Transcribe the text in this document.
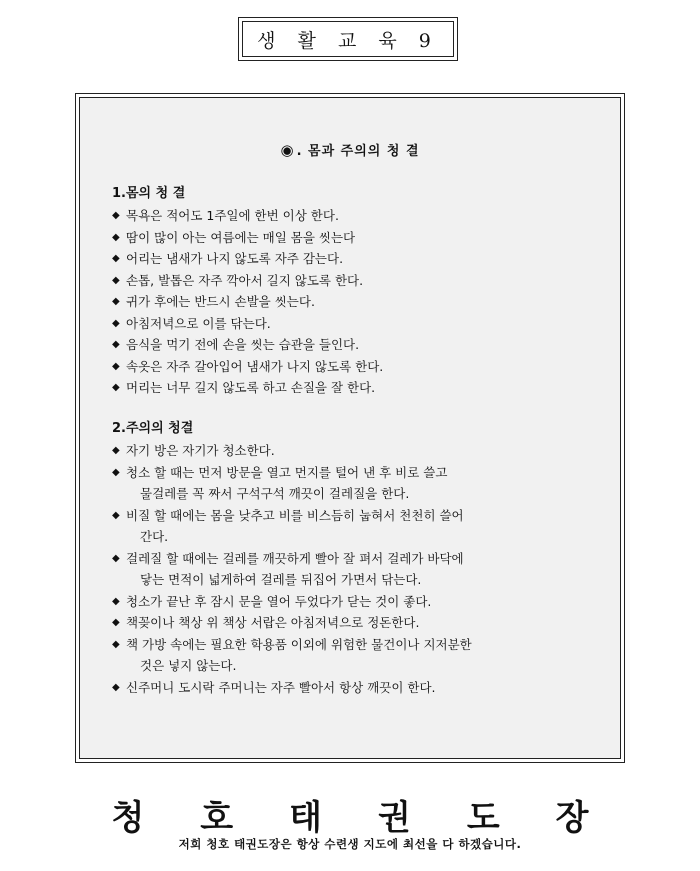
생 활 교 육 9
◉ . 몸과 주의의 청 결
1.몸의 청 결
◆ 목욕은 적어도 1주일에 한번 이상 한다.
◆ 땀이 많이 아는 여름에는 매일 몸을 씻는다
◆ 어리는 냄새가 나지 않도록 자주 감는다.
◆ 손톱, 발톱은 자주 깍아서 길지 않도록 한다.
◆ 귀가 후에는 반드시 손발을 씻는다.
◆ 아침저녁으로 이를 닦는다.
◆ 음식을 먹기 전에 손을 씻는 습관을 들인다.
◆ 속옷은 자주 갈아입어 냄새가 나지 않도록 한다.
◆ 머리는 너무 길지 않도록 하고 손질을 잘 한다.
2.주의의 청결
◆ 자기 방은 자기가 청소한다.
◆ 청소 할 때는 먼저 방문을 열고 먼지를 털어 낸 후 비로 쓸고
물걸레를 꼭 짜서 구석구석 깨끗이 걸레질을 한다.
◆ 비질 할 때에는 몸을 낮추고 비를 비스듬히 눕혀서 천천히 쓸어
간다.
◆ 걸레질 할 때에는 걸레를 깨끗하게 빨아 잘 펴서 걸레가 바닥에
닿는 면적이 넓게하여 걸레를 뒤집어 가면서 닦는다.
◆ 청소가 끝난 후 잠시 문을 열어 두었다가 닫는 것이 좋다.
◆ 책꽂이나 책상 위 책상 서랍은 아침저녁으로 정돈한다.
◆ 책 가방 속에는 필요한 학용품 이외에 위험한 물건이나 지저분한
것은 넣지 않는다.
◆ 신주머니 도시락 주머니는 자주 빨아서 항상 깨끗이 한다.
청호태권도장
저희 청호 태권도장은 항상 수련생 지도에 최선을 다 하겠습니다.
